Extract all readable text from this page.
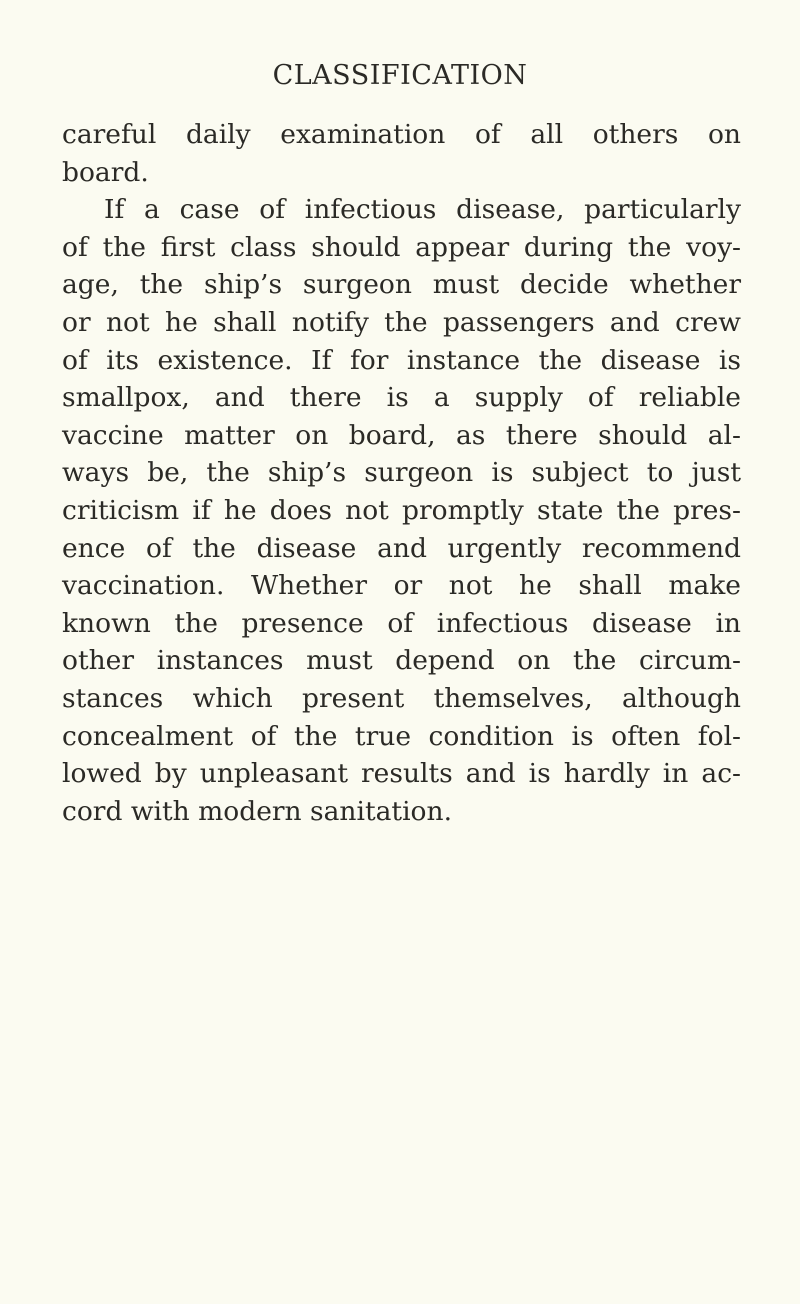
CLASSIFICATION
careful daily examination of all others on
board.
If a case of infectious disease, particularly
of the first class should appear during the voy-
age, the ship’s surgeon must decide whether
or not he shall notify the passengers and crew
of its existence. If for instance the disease is
smallpox, and there is a supply of reliable
vaccine matter on board, as there should al-
ways be, the ship’s surgeon is subject to just
criticism if he does not promptly state the pres-
ence of the disease and urgently recommend
vaccination. Whether or not he shall make
known the presence of infectious disease in
other instances must depend on the circum-
stances which present themselves, although
concealment of the true condition is often fol-
lowed by unpleasant results and is hardly in ac-
cord with modern sanitation.
